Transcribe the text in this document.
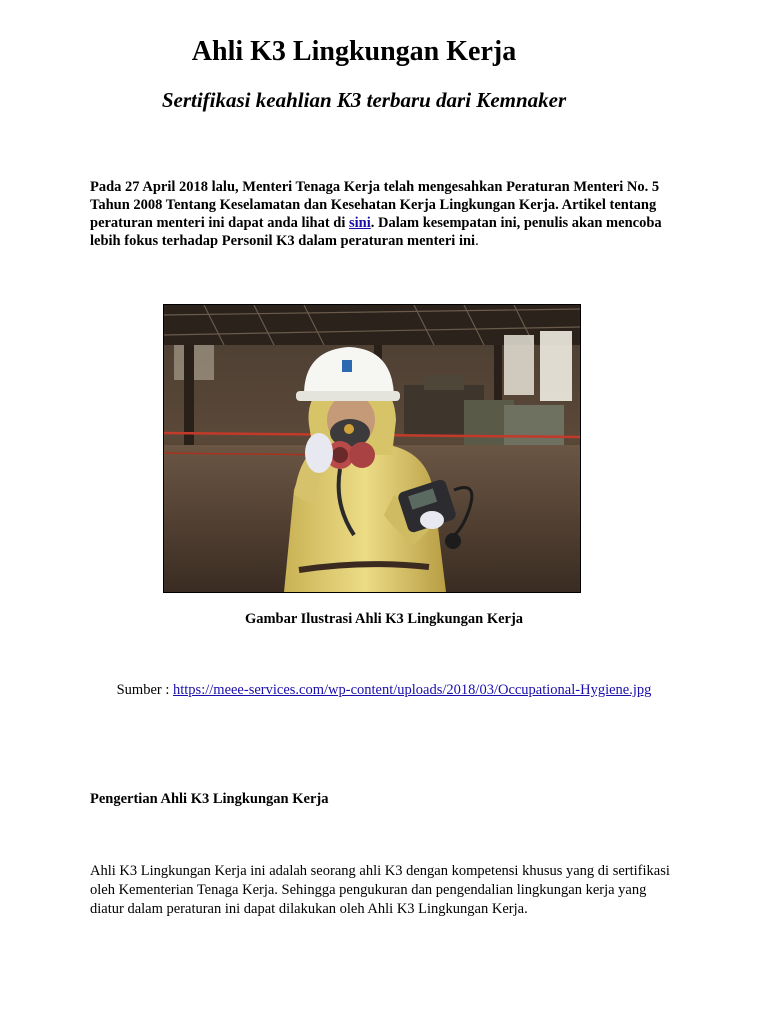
Ahli K3 Lingkungan Kerja
Sertifikasi keahlian K3 terbaru dari Kemnaker
Pada 27 April 2018 lalu, Menteri Tenaga Kerja telah mengesahkan Peraturan Menteri No. 5 Tahun 2008 Tentang Keselamatan dan Kesehatan Kerja Lingkungan Kerja. Artikel tentang peraturan menteri ini dapat anda lihat di sini. Dalam kesempatan ini, penulis akan mencoba lebih fokus terhadap Personil K3 dalam peraturan menteri ini.
Gambar Ilustrasi Ahli K3 Lingkungan Kerja
Sumber : https://meee-services.com/wp-content/uploads/2018/03/Occupational-Hygiene.jpg
Pengertian Ahli K3 Lingkungan Kerja
Ahli K3 Lingkungan Kerja ini adalah seorang ahli K3 dengan kompetensi khusus yang di sertifikasi oleh Kementerian Tenaga Kerja. Sehingga pengukuran dan pengendalian lingkungan kerja yang diatur dalam peraturan ini dapat dilakukan oleh Ahli K3 Lingkungan Kerja.
